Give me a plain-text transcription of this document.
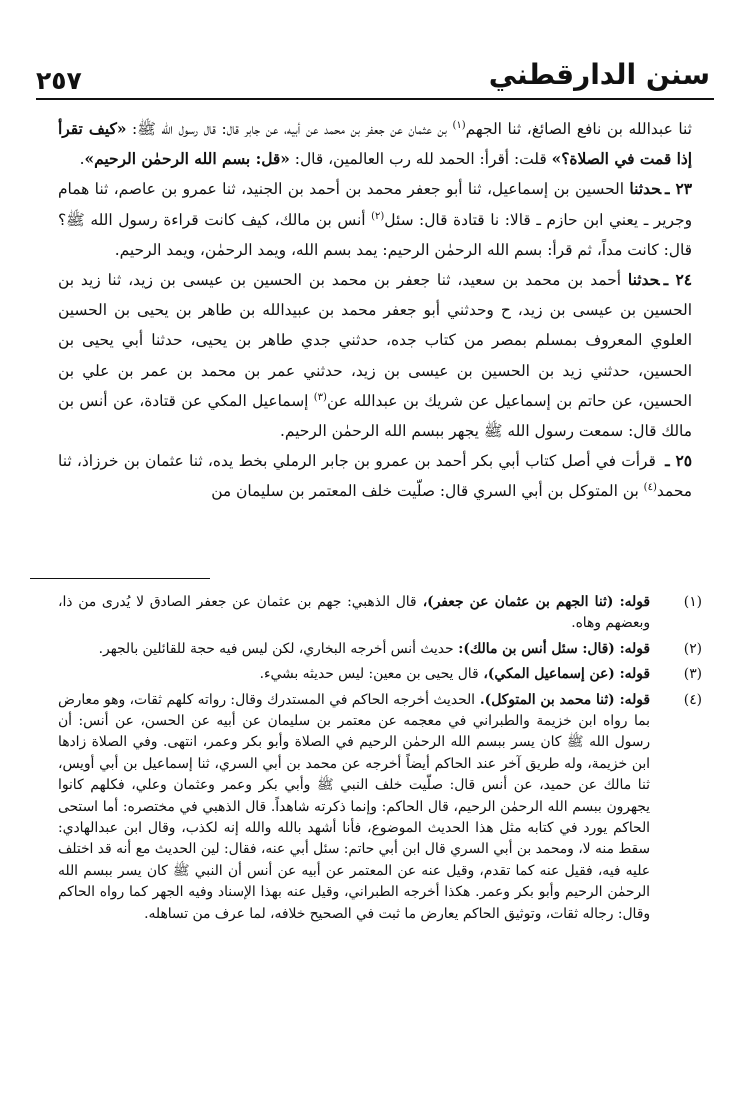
٢٥٧	سنن الدارقطني

ثنا عبدالله بن نافع الصائغ، ثنا الجهم$^{(١)}$ بن عثمان عن جعفر بن محمد عن أبيه، عن جابر قال: قال رسول الله ﷺ: «كيف تقرأ إذا قمت في الصلاة؟» قلت: أقرأ: الحمد لله رب العالمين، قال: «قل: بسم الله الرحمٰن الرحيم».

٢٣ ـحدثنا الحسين بن إسماعيل، ثنا أبو جعفر محمد بن أحمد بن الجنيد، ثنا عمرو بن عاصم، ثنا همام وجرير ـ يعني ابن حازم ـ قالا: نا قتادة قال: سئل$^{(٢)}$ أنس بن مالك، كيف كانت قراءة رسول الله ﷺ؟ قال: كانت مداً، ثم قرأ: بسم الله الرحمٰن الرحيم: يمد بسم الله، ويمد الرحمٰن، ويمد الرحيم.

٢٤ ـحدثنا أحمد بن محمد بن سعيد، ثنا جعفر بن محمد بن الحسين بن عيسى بن زيد، ثنا زيد بن الحسين بن عيسى بن زيد، ح وحدثني أبو جعفر محمد بن عبيدالله بن طاهر بن يحيى بن الحسين العلوي المعروف بمسلم بمصر من كتاب جده، حدثني جدي طاهر بن يحيى، حدثنا أبي يحيى بن الحسين، حدثني زيد بن الحسين بن عيسى بن زيد، حدثني عمر بن محمد بن عمر بن علي بن الحسين، عن حاتم بن إسماعيل عن شريك بن عبدالله عن$^{(٣)}$ إسماعيل المكي عن قتادة، عن أنس بن مالك قال: سمعت رسول الله ﷺ يجهر ببسم الله الرحمٰن الرحيم.

٢٥ ـ قرأت في أصل كتاب أبي بكر أحمد بن عمرو بن جابر الرملي بخط يده، ثنا عثمان بن خرزاذ، ثنا محمد$^{(٤)}$ بن المتوكل بن أبي السري قال: صلّيت خلف المعتمر بن سليمان من

(١)
قوله: (ثنا الجهم بن عثمان عن جعفر)، قال الذهبي: جهم بن عثمان عن جعفر الصادق لا يُدرى من ذا، وبعضهم وهاه.

(٢)
قوله: (قال: سئل أنس بن مالك): حديث أنس أخرجه البخاري، لكن ليس فيه حجة للقائلين بالجهر.

(٣)
قوله: (عن إسماعيل المكي)، قال يحيى بن معين: ليس حديثه بشيء.

(٤)
قوله: (ثنا محمد بن المتوكل). الحديث أخرجه الحاكم في المستدرك وقال: رواته كلهم ثقات، وهو معارض بما رواه ابن خزيمة والطبراني في معجمه عن معتمر بن سليمان عن أبيه عن الحسن، عن أنس: أن رسول الله ﷺ كان يسر ببسم الله الرحمٰن الرحيم في الصلاة وأبو بكر وعمر، انتهى. وفي الصلاة زادها ابن خزيمة، وله طريق آخر عند الحاكم أيضاً أخرجه عن محمد بن أبي السري، ثنا إسماعيل بن أبي أويس، ثنا مالك عن حميد، عن أنس قال: صلّيت خلف النبي ﷺ وأبي بكر وعمر وعثمان وعلي، فكلهم كانوا يجهرون ببسم الله الرحمٰن الرحيم، قال الحاكم: وإنما ذكرته شاهداً. قال الذهبي في مختصره: أما استحى الحاكم يورد في كتابه مثل هذا الحديث الموضوع، فأنا أشهد بالله والله إنه لكذب، وقال ابن عبدالهادي: سقط منه لا، ومحمد بن أبي السري قال ابن أبي حاتم: سئل أبي عنه، فقال: لين الحديث مع أنه قد اختلف عليه فيه، فقيل عنه كما تقدم، وقيل عنه عن المعتمر عن أبيه عن أنس أن النبي ﷺ كان يسر ببسم الله الرحمٰن الرحيم وأبو بكر وعمر. هكذا أخرجه الطبراني، وقيل عنه بهذا الإسناد وفيه الجهر كما رواه الحاكم وقال: رجاله ثقات، وتوثيق الحاكم يعارض ما ثبت في الصحيح خلافه، لما عرف من تساهله.
